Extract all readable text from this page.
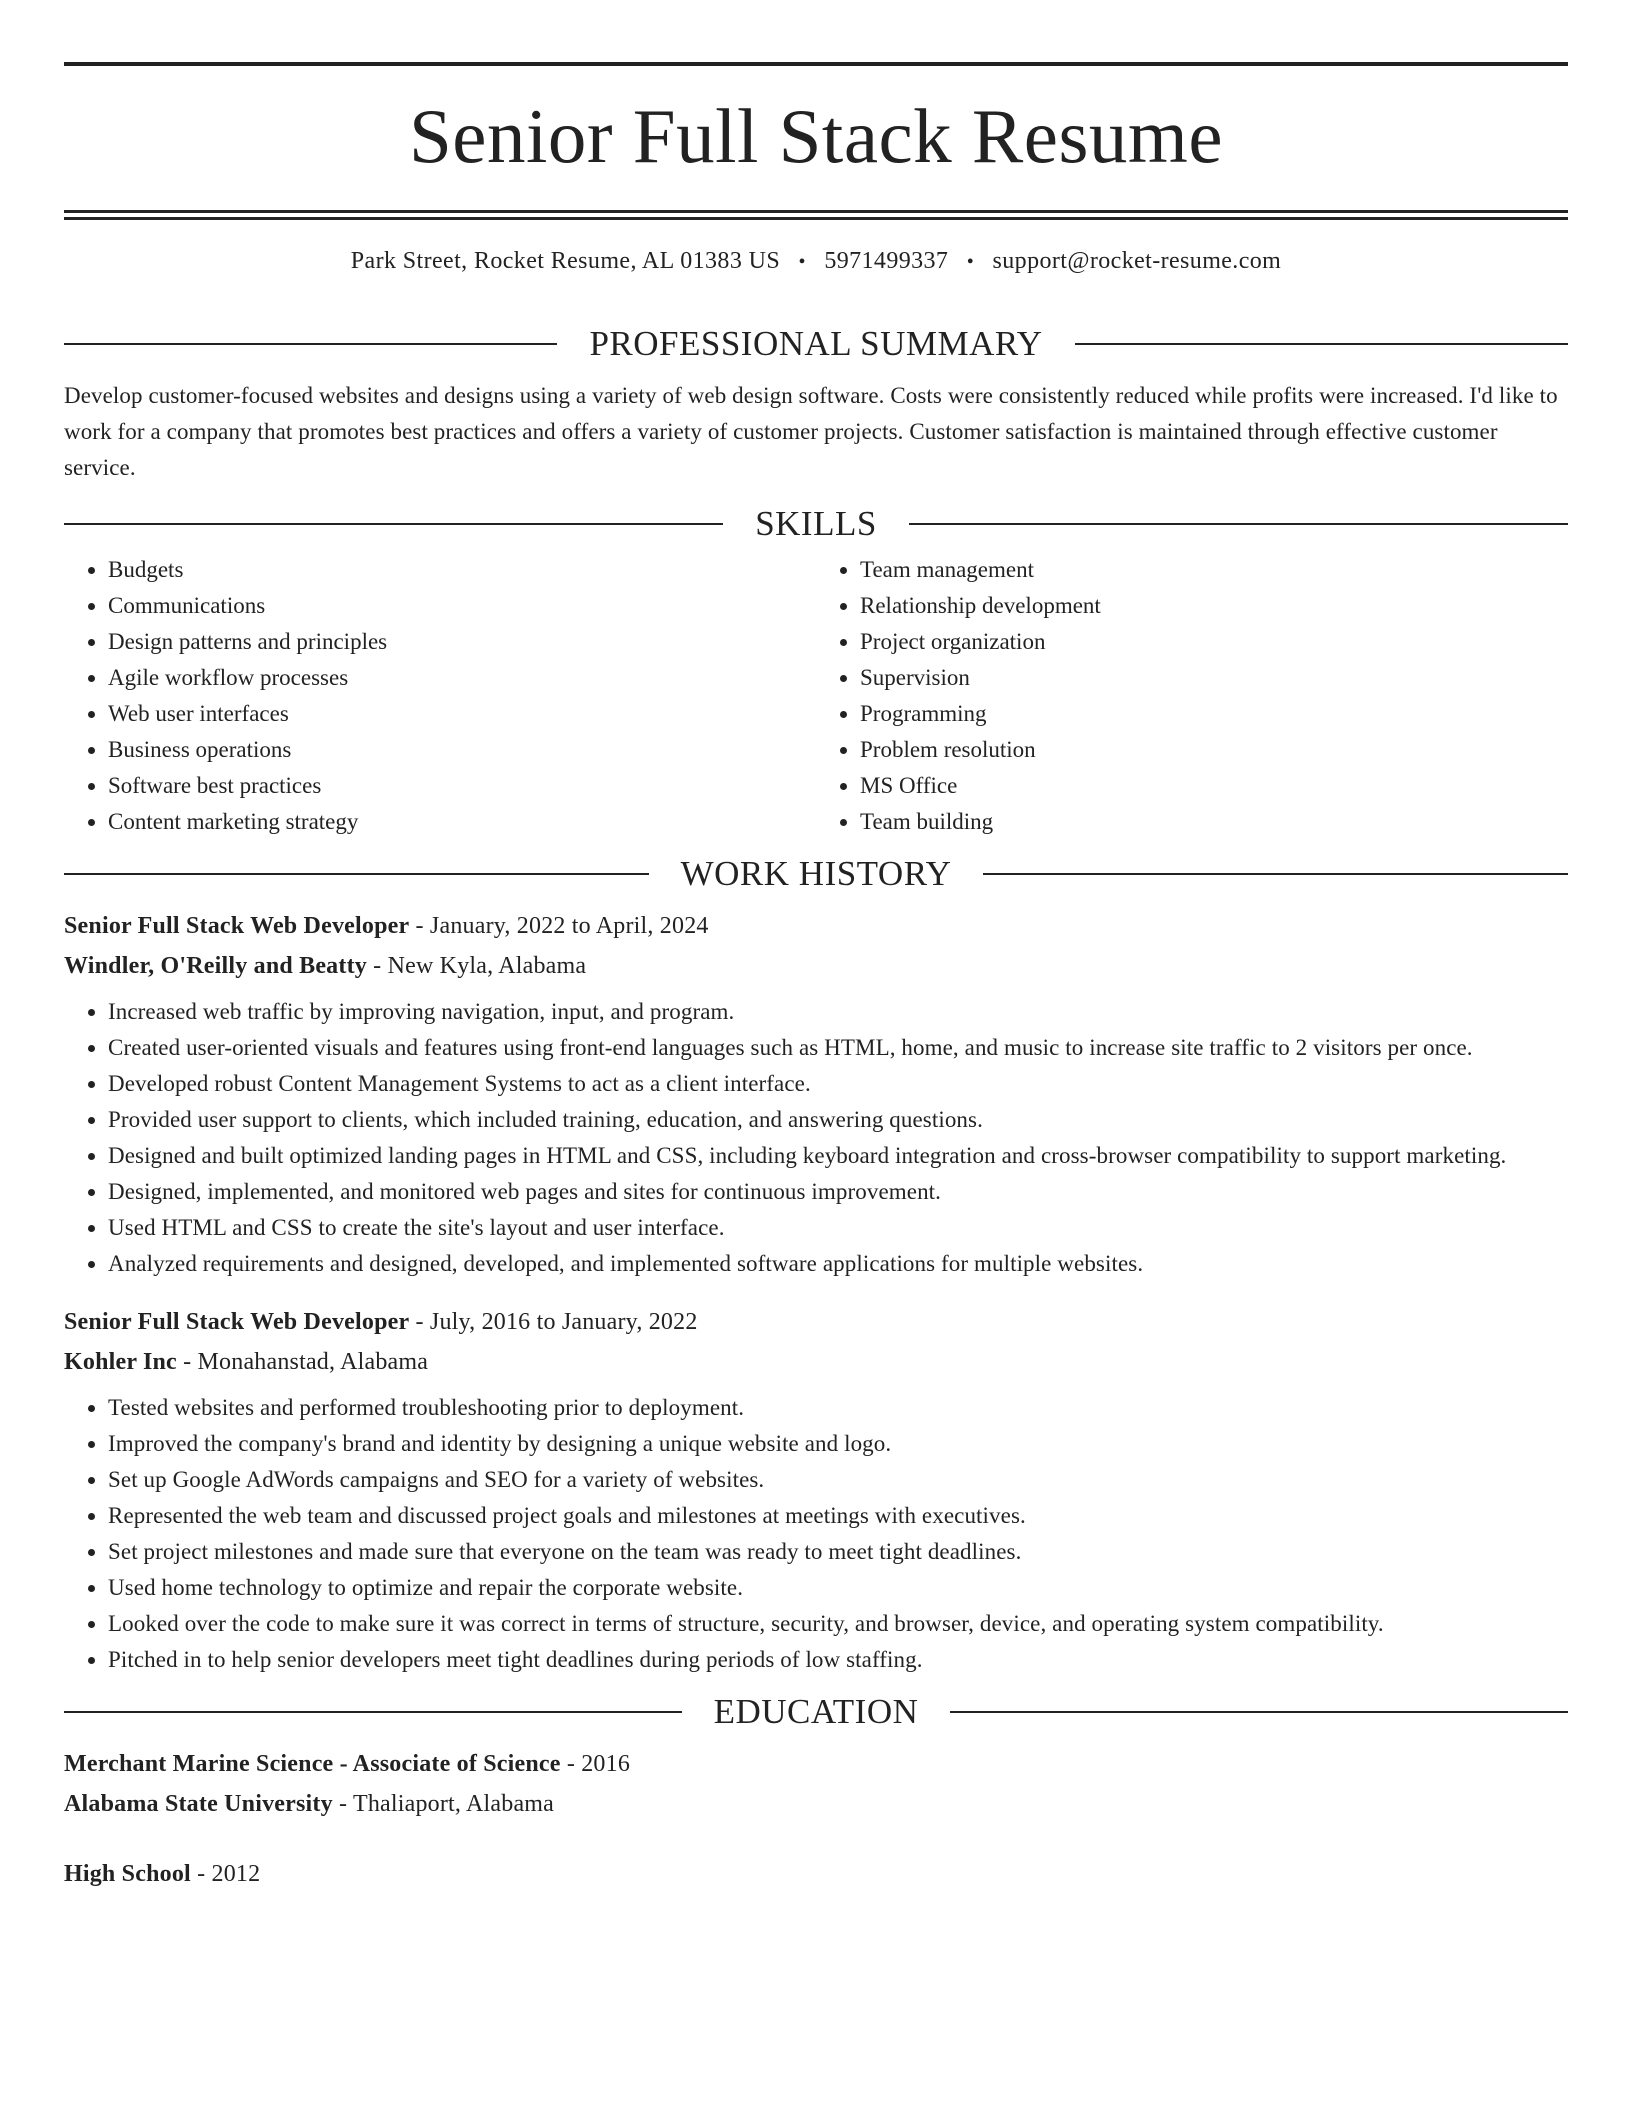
Senior Full Stack Resume
Park Street, Rocket Resume, AL 01383 US • 5971499337 • support@rocket-resume.com
PROFESSIONAL SUMMARY
Develop customer-focused websites and designs using a variety of web design software. Costs were consistently reduced while profits were increased. I'd like to work for a company that promotes best practices and offers a variety of customer projects. Customer satisfaction is maintained through effective customer service.
SKILLS
• Budgets
• Communications
• Design patterns and principles
• Agile workflow processes
• Web user interfaces
• Business operations
• Software best practices
• Content marketing strategy
• Team management
• Relationship development
• Project organization
• Supervision
• Programming
• Problem resolution
• MS Office
• Team building
WORK HISTORY
Senior Full Stack Web Developer - January, 2022 to April, 2024
Windler, O'Reilly and Beatty - New Kyla, Alabama
• Increased web traffic by improving navigation, input, and program.
• Created user-oriented visuals and features using front-end languages such as HTML, home, and music to increase site traffic to 2 visitors per once.
• Developed robust Content Management Systems to act as a client interface.
• Provided user support to clients, which included training, education, and answering questions.
• Designed and built optimized landing pages in HTML and CSS, including keyboard integration and cross-browser compatibility to support marketing.
• Designed, implemented, and monitored web pages and sites for continuous improvement.
• Used HTML and CSS to create the site's layout and user interface.
• Analyzed requirements and designed, developed, and implemented software applications for multiple websites.
Senior Full Stack Web Developer - July, 2016 to January, 2022
Kohler Inc - Monahanstad, Alabama
• Tested websites and performed troubleshooting prior to deployment.
• Improved the company's brand and identity by designing a unique website and logo.
• Set up Google AdWords campaigns and SEO for a variety of websites.
• Represented the web team and discussed project goals and milestones at meetings with executives.
• Set project milestones and made sure that everyone on the team was ready to meet tight deadlines.
• Used home technology to optimize and repair the corporate website.
• Looked over the code to make sure it was correct in terms of structure, security, and browser, device, and operating system compatibility.
• Pitched in to help senior developers meet tight deadlines during periods of low staffing.
EDUCATION
Merchant Marine Science - Associate of Science - 2016
Alabama State University - Thaliaport, Alabama
High School - 2012
